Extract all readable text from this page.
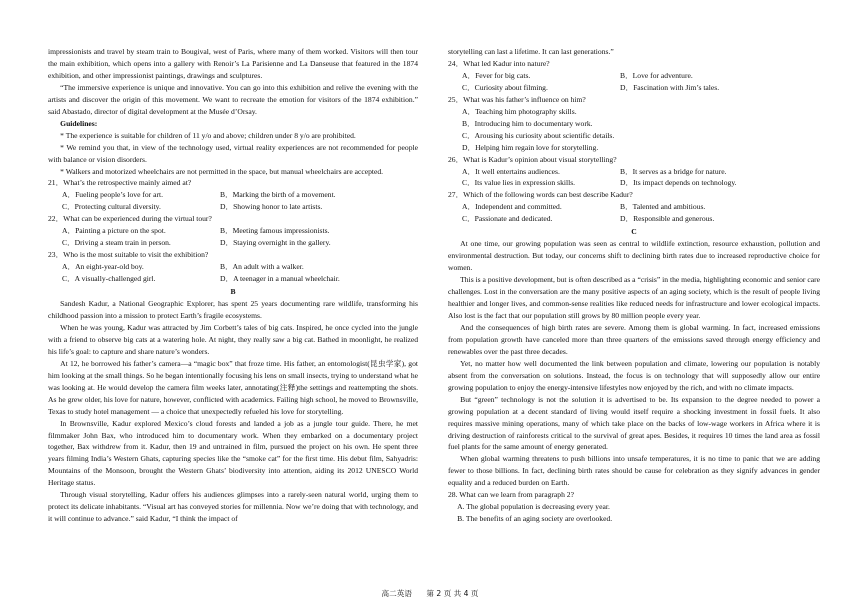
impressionists and travel by steam train to Bougival, west of Paris, where many of them worked. Visitors will then tour the main exhibition, which opens into a gallery with Renoir’s La Parisienne and La Danseuse that featured in the 1874 exhibition, and other impressionist paintings, drawings and sculptures.

“The immersive experience is unique and innovative. You can go into this exhibition and relive the evening with the artists and discover the origin of this movement. We want to recreate the emotion for visitors of the 1874 exhibition.” said Abastado, director of digital development at the Musée d’Orsay.

Guidelines:

* The experience is suitable for children of 11 y/o and above; children under 8 y/o are prohibited.

* We remind you that, in view of the technology used, virtual reality experiences are not recommended for people with balance or vision disorders.

* Walkers and motorized wheelchairs are not permitted in the space, but manual wheelchairs are accepted.

21．What’s the retrospective mainly aimed at?

A．Fueling people’s love for art.	B．Marking the birth of a movement.
C．Protecting cultural diversity.	D．Showing honor to late artists.

22．What can be experienced during the virtual tour?

A．Painting a picture on the spot.	B．Meeting famous impressionists.
C．Driving a steam train in person.	D．Staying overnight in the gallery.

23．Who is the most suitable to visit the exhibition?

A．An eight-year-old boy.	B．An adult with a walker.
C．A visually-challenged girl.	D．A teenager in a manual wheelchair.

B

Sandesh Kadur, a National Geographic Explorer, has spent 25 years documenting rare wildlife, transforming his childhood passion into a mission to protect Earth’s fragile ecosystems.

When he was young, Kadur was attracted by Jim Corbett’s tales of big cats. Inspired, he once cycled into the jungle with a friend to observe big cats at a watering hole. At night, they really saw a big cat. Bathed in moonlight, he realized his life’s goal: to capture and share nature’s wonders.

At 12, he borrowed his father’s camera—a “magic box” that froze time. His father, an entomologist(昆虫学家), got him looking at the small things. So he began intentionally focusing his lens on small insects, trying to understand what he was looking at. He would develop the camera film weeks later, annotating(注释)the settings and reattempting the shots. As he grew older, his love for nature, however, conflicted with academics. Failing high school, he moved to Brownsville, Texas to study hotel management — a choice that unexpectedly refueled his love for storytelling.

In Brownsville, Kadur explored Mexico’s cloud forests and landed a job as a jungle tour guide. There, he met filmmaker John Bax, who introduced him to documentary work. When they embarked on a documentary project together, Bax withdrew from it. Kadur, then 19 and untrained in film, pursued the project on his own. He spent three years filming India’s Western Ghats, capturing species like the “smoke cat” for the first time. His debut film, Sahyadris: Mountains of the Monsoon, brought the Western Ghats’ biodiversity into attention, aiding its 2012 UNESCO World Heritage status.

Through visual storytelling, Kadur offers his audiences glimpses into a rarely-seen natural world, urging them to protect its delicate inhabitants. “Visual art has conveyed stories for millennia. Now we’re doing that with technology, and it will continue to advance.” said Kadur, “I think the impact of

storytelling can last a lifetime. It can last generations.”

24．What led Kadur into nature?

A．Fever for big cats.	B．Love for adventure.
C．Curiosity about filming.	D．Fascination with Jim’s tales.

25．What was his father’s influence on him?

A．Teaching him photography skills.

B．Introducing him to documentary work.

C．Arousing his curiosity about scientific details.

D．Helping him regain love for storytelling.

26．What is Kadur’s opinion about visual storytelling?

A．It well entertains audiences.	B．It serves as a bridge for nature.
C．Its value lies in expression skills.	D．Its impact depends on technology.

27．Which of the following words can best describe Kadur?

A．Independent and committed.	B．Talented and ambitious.
C．Passionate and dedicated.	D．Responsible and generous.

C

At one time, our growing population was seen as central to wildlife extinction, resource exhaustion, pollution and environmental destruction. But today, our concerns shift to declining birth rates due to increased reproductive choice for women.

This is a positive development, but is often described as a “crisis” in the media, highlighting economic and senior care challenges. Lost in the conversation are the many positive aspects of an aging society, which is the result of people living healthier and longer lives, and common-sense realities like reduced needs for infrastructure and lower ecological impacts. Also lost is the fact that our population still grows by 80 million people every year.

And the consequences of high birth rates are severe. Among them is global warming. In fact, increased emissions from population growth have canceled more than three quarters of the emissions saved through energy efficiency and renewables over the past three decades.

Yet, no matter how well documented the link between population and climate, lowering our population is notably absent from the conversation on solutions. Instead, the focus is on technology that will supposedly allow our entire growing population to enjoy the energy-intensive lifestyles now enjoyed by the rich, and with no climate impacts.

But “green” technology is not the solution it is advertised to be. Its expansion to the degree needed to power a growing population at a decent standard of living would itself require a shocking investment in fossil fuels. It also requires massive mining operations, many of which take place on the backs of low-wage workers in Africa where it is driving destruction of rainforests critical to the survival of great apes. Besides, it requires 10 times the land area as fossil fuel plants for the same amount of energy generated.

When global warming threatens to push billions into unsafe temperatures, it is no time to panic that we are adding fewer to those billions. In fact, declining birth rates should be cause for celebration as they signify advances in gender equality and a reduced burden on Earth.

28. What can we learn from paragraph 2?

A. The global population is decreasing every year.

B. The benefits of an aging society are overlooked.

高二英语 第 2 页 共 4 页
